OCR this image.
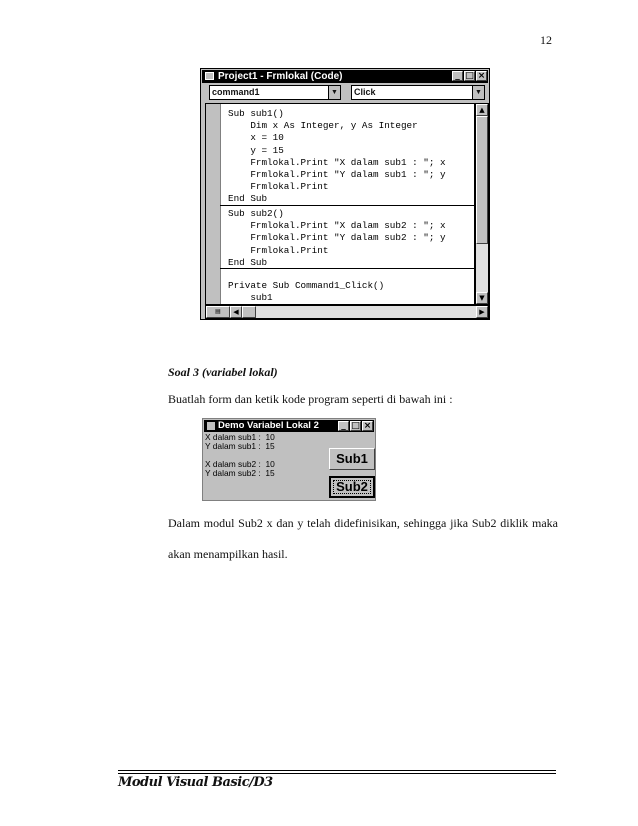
12
Project1 - Frmlokal (Code)	_ □ ×
command1	▼	Click	▼
Sub sub1()
Dim x As Integer, y As Integer
x = 10
y = 15
Frmlokal.Print "X dalam sub1 : "; x
Frmlokal.Print "Y dalam sub1 : "; y
Frmlokal.Print
End Sub
Sub sub2()
Frmlokal.Print "X dalam sub2 : "; x
Frmlokal.Print "Y dalam sub2 : "; y
Frmlokal.Print
End Sub

Private Sub Command1_Click()
sub1

▲
▼
▤	◀	▶
Soal 3 (variabel lokal)
Buatlah form dan ketik kode program seperti di bawah ini :
Demo Variabel Lokal 2	_ □ ×
X dalam sub1 :  10
Y dalam sub1 :  15
X dalam sub2 :  10
Y dalam sub2 :  15
Sub1
Sub2
Dalam modul Sub2 x dan y telah didefinisikan, sehingga jika Sub2 diklik maka
akan menampilkan hasil.
Modul Visual Basic/D3
